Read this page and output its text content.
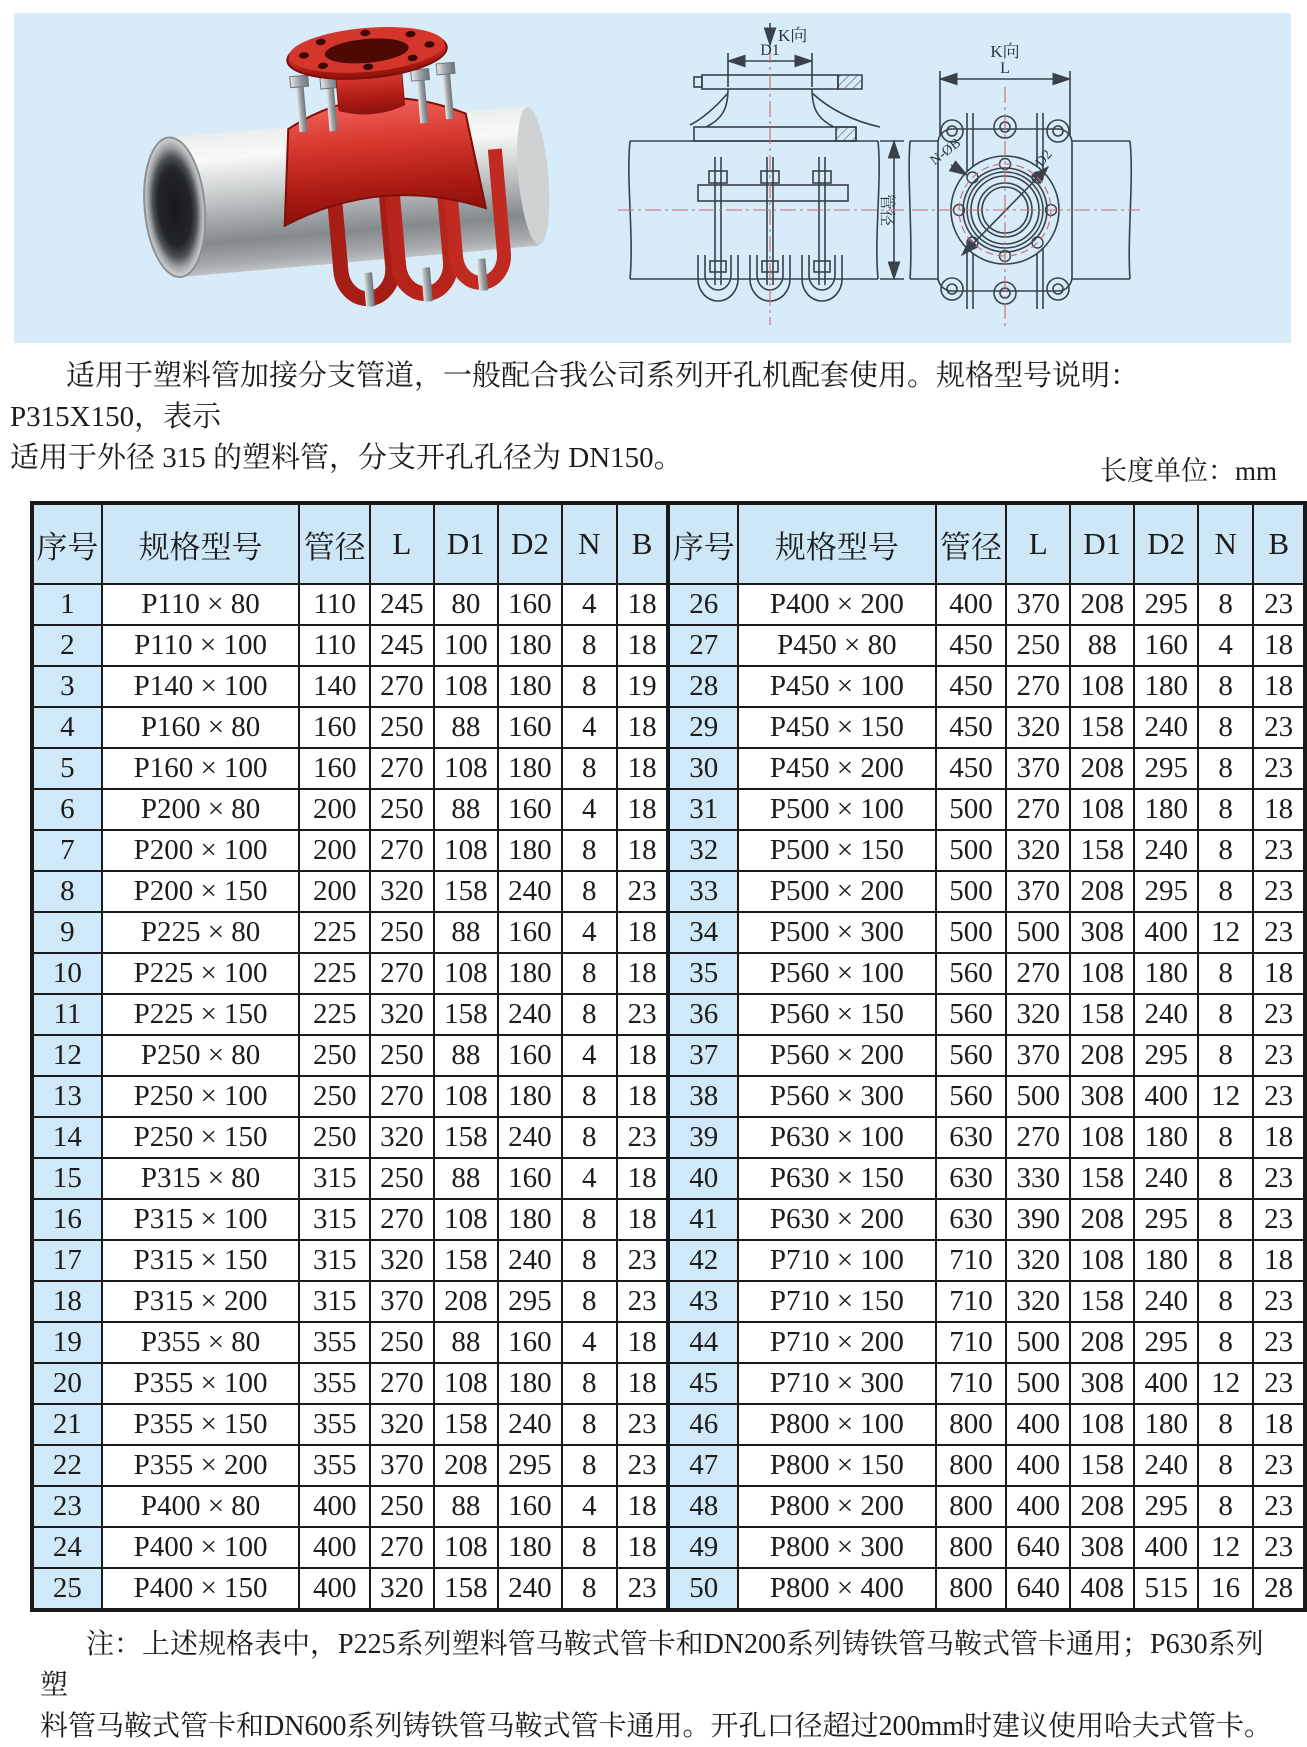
K向
D1
管径
K向
L
N-ØB	D2
适用于塑料管加接分支管道，一般配合我公司系列开孔机配套使用。规格型号说明： P315X150，表示
适用于外径 315 的塑料管，分支开孔孔径为 DN150。	长度单位：mm
序号	规格型号	管径	L	D1	D2	N	B	序号	规格型号	管径	L	D1	D2	N	B
1	P110 × 80	110	245	80	160	4	18	26	P400 × 200	400	370	208	295	8	23
2	P110 × 100	110	245	100	180	8	18	27	P450 × 80	450	250	88	160	4	18
3	P140 × 100	140	270	108	180	8	19	28	P450 × 100	450	270	108	180	8	18
4	P160 × 80	160	250	88	160	4	18	29	P450 × 150	450	320	158	240	8	23
5	P160 × 100	160	270	108	180	8	18	30	P450 × 200	450	370	208	295	8	23
6	P200 × 80	200	250	88	160	4	18	31	P500 × 100	500	270	108	180	8	18
7	P200 × 100	200	270	108	180	8	18	32	P500 × 150	500	320	158	240	8	23
8	P200 × 150	200	320	158	240	8	23	33	P500 × 200	500	370	208	295	8	23
9	P225 × 80	225	250	88	160	4	18	34	P500 × 300	500	500	308	400	12	23
10	P225 × 100	225	270	108	180	8	18	35	P560 × 100	560	270	108	180	8	18
11	P225 × 150	225	320	158	240	8	23	36	P560 × 150	560	320	158	240	8	23
12	P250 × 80	250	250	88	160	4	18	37	P560 × 200	560	370	208	295	8	23
13	P250 × 100	250	270	108	180	8	18	38	P560 × 300	560	500	308	400	12	23
14	P250 × 150	250	320	158	240	8	23	39	P630 × 100	630	270	108	180	8	18
15	P315 × 80	315	250	88	160	4	18	40	P630 × 150	630	330	158	240	8	23
16	P315 × 100	315	270	108	180	8	18	41	P630 × 200	630	390	208	295	8	23
17	P315 × 150	315	320	158	240	8	23	42	P710 × 100	710	320	108	180	8	18
18	P315 × 200	315	370	208	295	8	23	43	P710 × 150	710	320	158	240	8	23
19	P355 × 80	355	250	88	160	4	18	44	P710 × 200	710	500	208	295	8	23
20	P355 × 100	355	270	108	180	8	18	45	P710 × 300	710	500	308	400	12	23
21	P355 × 150	355	320	158	240	8	23	46	P800 × 100	800	400	108	180	8	18
22	P355 × 200	355	370	208	295	8	23	47	P800 × 150	800	400	158	240	8	23
23	P400 × 80	400	250	88	160	4	18	48	P800 × 200	800	400	208	295	8	23
24	P400 × 100	400	270	108	180	8	18	49	P800 × 300	800	640	308	400	12	23
25	P400 × 150	400	320	158	240	8	23	50	P800 × 400	800	640	408	515	16	28
注：上述规格表中，P225系列塑料管马鞍式管卡和DN200系列铸铁管马鞍式管卡通用；P630系列塑
料管马鞍式管卡和DN600系列铸铁管马鞍式管卡通用。开孔口径超过200mm时建议使用哈夫式管卡。
